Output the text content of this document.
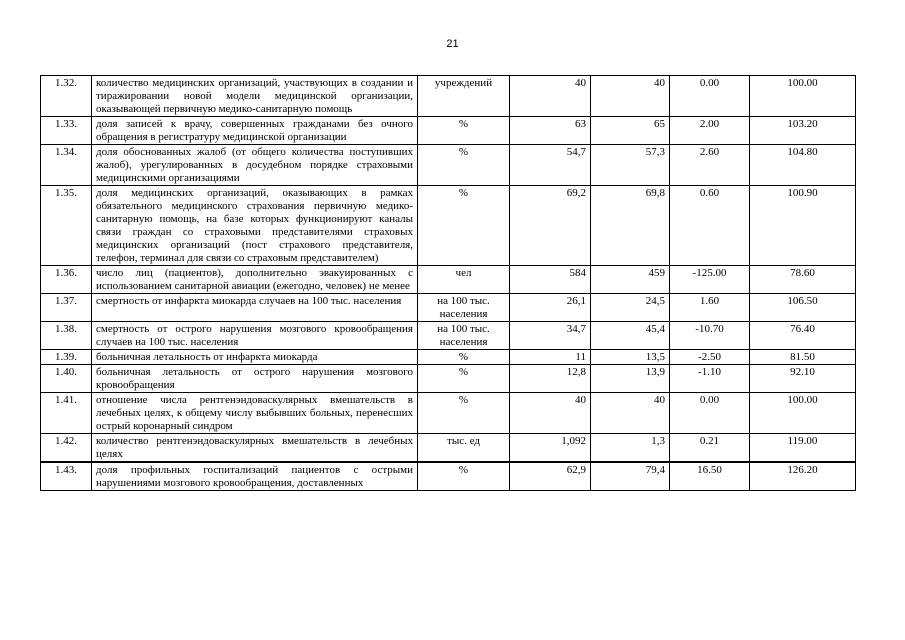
21
1.32.	количество медицинских организаций, участвующих в создании и тиражировании новой модели медицинской организации, оказывающей первичную медико-санитарную помощь	учреждений	40	40	0.00	100.00
1.33.	доля записей к врачу, совершенных гражданами без очного обращения в регистратуру медицинской организации	%	63	65	2.00	103.20
1.34.	доля обоснованных жалоб (от общего количества поступивших жалоб), урегулированных в досудебном порядке страховыми медицинскими организациями	%	54,7	57,3	2.60	104.80
1.35.	доля медицинских организаций, оказывающих в рамках обязательного медицинского страхования первичную медико-санитарную помощь, на базе которых функционируют каналы связи граждан со страховыми представителями страховых медицинских организаций (пост страхового представителя, телефон, терминал для связи со страховым представителем)	%	69,2	69,8	0.60	100.90
1.36.	число лиц (пациентов), дополнительно эвакуированных с использованием санитарной авиации (ежегодно, человек) не менее	чел	584	459	-125.00	78.60
1.37.	смертность от инфаркта миокарда случаев на 100 тыс. населения	на 100 тыс. населения	26,1	24,5	1.60	106.50
1.38.	смертность от острого нарушения мозгового кровообращения случаев на 100 тыс. населения	на 100 тыс. населения	34,7	45,4	-10.70	76.40
1.39.	больничная летальность от инфаркта миокарда	%	11	13,5	-2.50	81.50
1.40.	больничная летальность от острого нарушения мозгового кровообращения	%	12,8	13,9	-1.10	92.10
1.41.	отношение числа рентгенэндоваскулярных вмешательств в лечебных целях, к общему числу выбывших больных, перенесших острый коронарный синдром	%	40	40	0.00	100.00
1.42.	количество рентгенэндоваскулярных вмешательств в лечебных целях	тыс. ед	1,092	1,3	0.21	119.00
1.43.	доля профильных госпитализаций пациентов с острыми нарушениями мозгового кровообращения, доставленных	%	62,9	79,4	16.50	126.20
